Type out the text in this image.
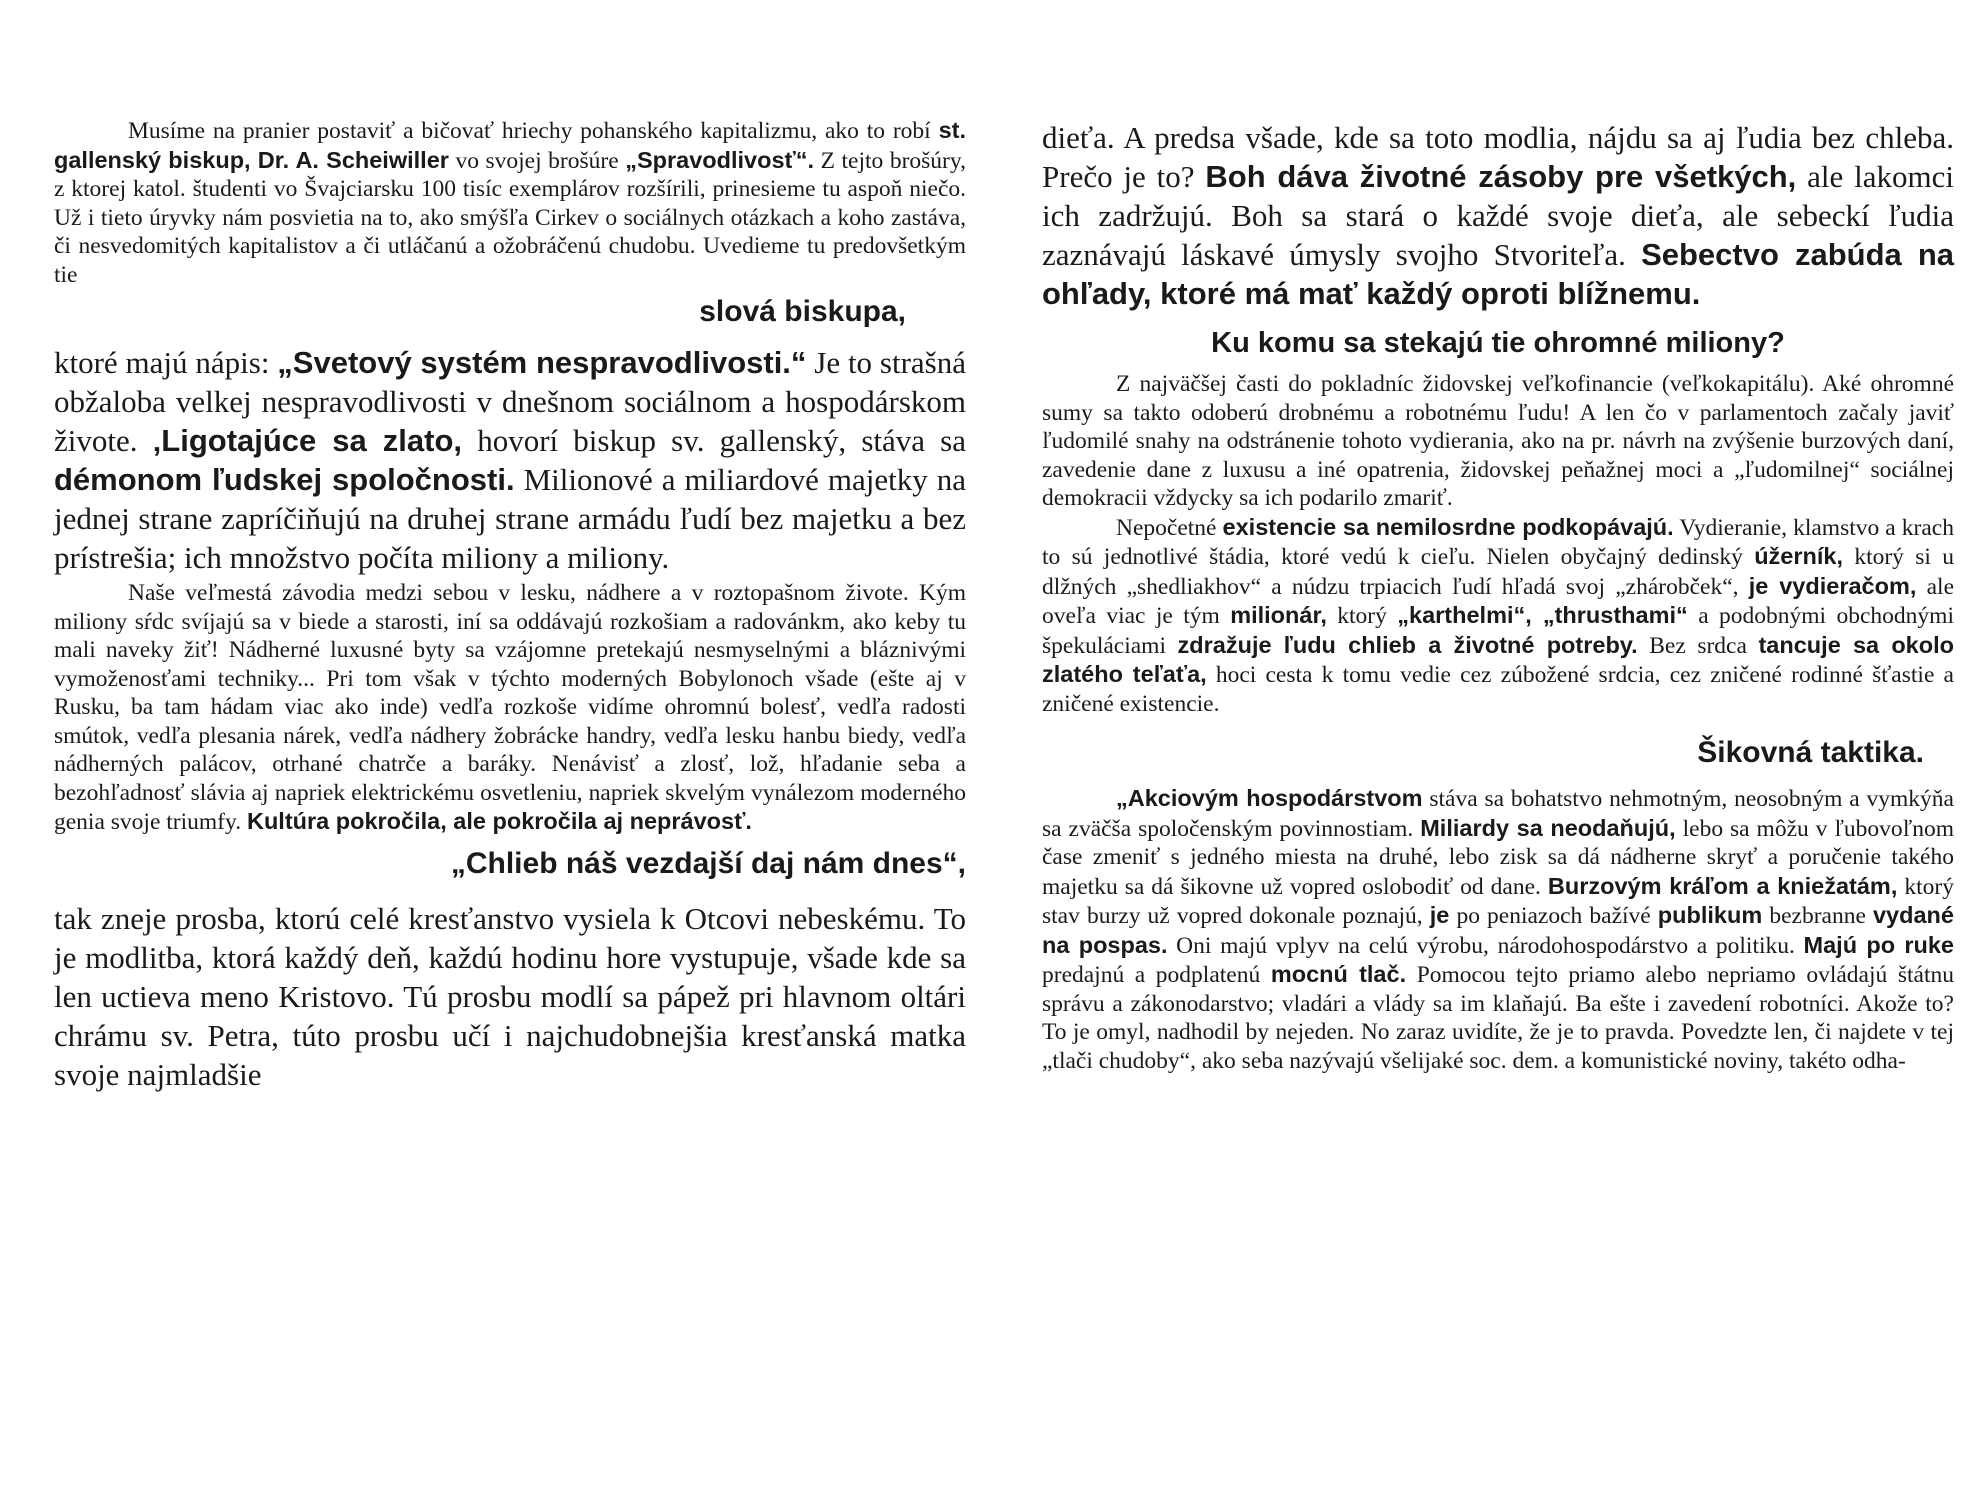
Musíme na pranier postaviť a bičovať hriechy pohanského kapitalizmu, ako to robí st. gallenský biskup, Dr. A. Scheiwiller vo svojej brošúre „Spravodlivosť“. Z tejto brošúry, z ktorej katol. študenti vo Švajciarsku 100 tisíc exemplárov rozšírili, prinesieme tu aspoň niečo. Už i tieto úryvky nám posvietia na to, ako smýšľa Cirkev o sociálnych otázkach a koho zastáva, či nesvedomitých kapitalistov a či utláčanú a ožobráčenú chudobu. Uvedieme tu predovšetkým tie

slová biskupa,

ktoré majú nápis: „Svetový systém nespravodlivosti.“ Je to strašná obžaloba velkej nespravodlivosti v dnešnom sociálnom a hospodárskom živote. ‚Ligotajúce sa zlato, hovorí biskup sv. gallenský, stáva sa démonom ľudskej spoločnosti. Milionové a miliardové majetky na jednej strane zapríčiňujú na druhej strane armádu ľudí bez majetku a bez prístrešia; ich množstvo počíta miliony a miliony.

Naše veľmestá závodia medzi sebou v lesku, nádhere a v roztopašnom živote. Kým miliony sŕdc svíjajú sa v biede a starosti, iní sa oddávajú rozkošiam a radovánkm, ako keby tu mali naveky žiť! Nádherné luxusné byty sa vzájomne pretekajú nesmyselnými a bláznivými vymoženosťami techniky... Pri tom však v týchto moderných Bobylonoch všade (ešte aj v Rusku, ba tam hádam viac ako inde) vedľa rozkoše vidíme ohromnú bolesť, vedľa radosti smútok, vedľa plesania nárek, vedľa nádhery žobrácke handry, vedľa lesku hanbu biedy, vedľa nádherných palácov, otrhané chatrče a baráky. Nenávisť a zlosť, lož, hľadanie seba a bezohľadnosť slávia aj napriek elektrickému osvetleniu, napriek skvelým vynálezom moderného genia svoje triumfy. Kultúra pokročila, ale pokročila aj neprávosť.

„Chlieb náš vezdajší daj nám dnes“,

tak zneje prosba, ktorú celé kresťanstvo vysiela k Otcovi nebeskému. To je modlitba, ktorá každý deň, každú hodinu hore vystupuje, všade kde sa len uctieva meno Kristovo. Tú prosbu modlí sa pápež pri hlavnom oltári chrámu sv. Petra, túto prosbu učí i najchudobnejšia kresťanská matka svoje najmladšie

dieťa. A predsa všade, kde sa toto modlia, nájdu sa aj ľudia bez chleba. Prečo je to? Boh dáva životné zásoby pre všetkých, ale lakomci ich zadržujú. Boh sa stará o každé svoje dieťa, ale sebeckí ľudia zaznávajú láskavé úmysly svojho Stvoriteľa. Sebectvo zabúda na ohľady, ktoré má mať každý oproti blížnemu.

Ku komu sa stekajú tie ohromné miliony?

Z najväčšej časti do pokladníc židovskej veľkofinancie (veľkokapitálu). Aké ohromné sumy sa takto odoberú drobnému a robotnému ľudu! A len čo v parlamentoch začaly javiť ľudomilé snahy na odstránenie tohoto vydierania, ako na pr. návrh na zvýšenie burzových daní, zavedenie dane z luxusu a iné opatrenia, židovskej peňažnej moci a „ľudomilnej“ sociálnej demokracii vždycky sa ich podarilo zmariť.

Nepočetné existencie sa nemilosrdne podkopávajú. Vydieranie, klamstvo a krach to sú jednotlivé štádia, ktoré vedú k cieľu. Nielen obyčajný dedinský úžerník, ktorý si u dlžných „shedliakhov“ a núdzu trpiacich ľudí hľadá svoj „zhárobček“, je vydieračom, ale oveľa viac je tým milionár, ktorý „karthelmi“, „thrusthami“ a podobnými obchodnými špekuláciami zdražuje ľudu chlieb a životné potreby. Bez srdca tancuje sa okolo zlatého teľaťa, hoci cesta k tomu vedie cez zúbožené srdcia, cez zničené rodinné šťastie a zničené existencie.

Šikovná taktika.

„Akciovým hospodárstvom stáva sa bohatstvo nehmotným, neosobným a vymkýňa sa zväčša spoločenským povinnostiam. Miliardy sa neodaňujú, lebo sa môžu v ľubovoľnom čase zmeniť s jedného miesta na druhé, lebo zisk sa dá nádherne skryť a poručenie takého majetku sa dá šikovne už vopred oslobodiť od dane. Burzovým kráľom a kniežatám, ktorý stav burzy už vopred dokonale poznajú, je po peniazoch bažívé publikum bezbranne vydané na pospas. Oni majú vplyv na celú výrobu, národohospodárstvo a politiku. Majú po ruke predajnú a podplatenú mocnú tlač. Pomocou tejto priamo alebo nepriamo ovládajú štátnu správu a zákonodarstvo; vladári a vlády sa im klaňajú. Ba ešte i zavedení robotníci. Akože to? To je omyl, nadhodil by nejeden. No zaraz uvidíte, že je to pravda. Povedzte len, či najdete v tej „tlači chudoby“, ako seba nazývajú všelijaké soc. dem. a komunistické noviny, takéto odha-
